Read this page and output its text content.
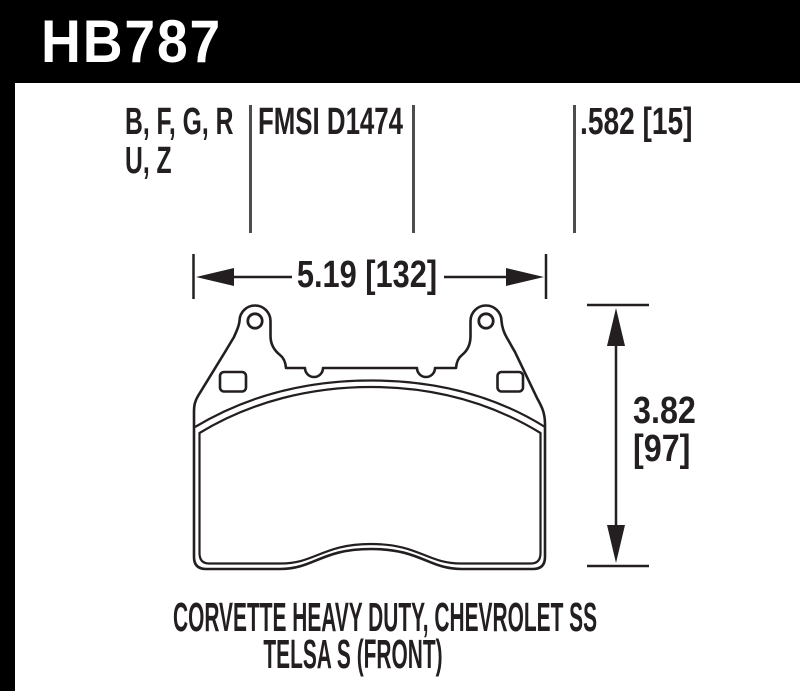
HB787
B, F, G, R
U, Z
FMSI D1474	.582 [15]
5.19 [132]
3.82
[97]
CORVETTE HEAVY DUTY, CHEVROLET SS
TELSA S (FRONT)
